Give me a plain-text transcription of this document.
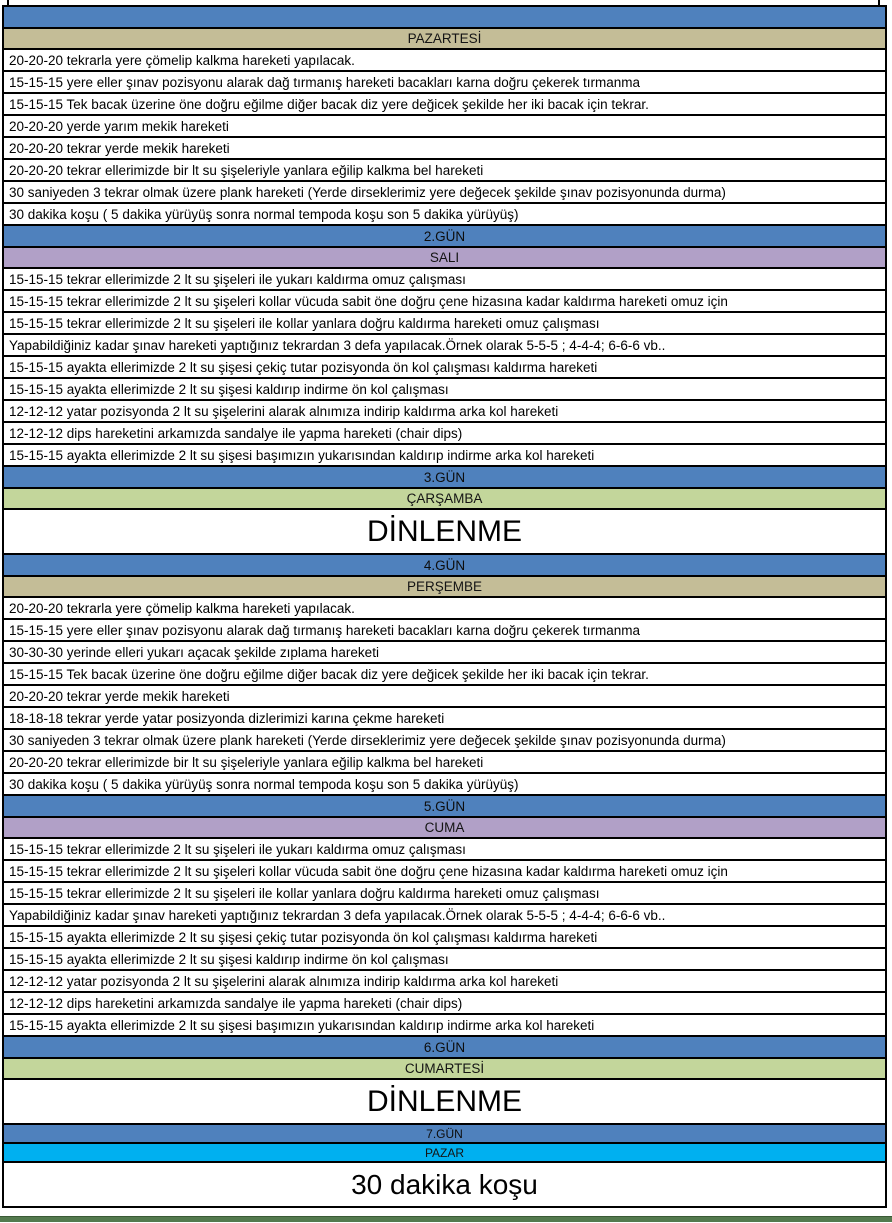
PAZARTESİ
20-20-20 tekrarla yere çömelip kalkma hareketi yapılacak.
15-15-15 yere eller şınav pozisyonu alarak dağ tırmanış hareketi bacakları karna doğru çekerek tırmanma
15-15-15 Tek bacak üzerine öne doğru eğilme diğer bacak diz yere değicek şekilde her iki bacak için tekrar.
20-20-20 yerde yarım mekik hareketi
20-20-20 tekrar yerde mekik hareketi
20-20-20 tekrar ellerimizde bir lt su şişeleriyle yanlara eğilip kalkma bel hareketi
30 saniyeden 3 tekrar olmak üzere plank hareketi (Yerde dirseklerimiz yere değecek şekilde şınav pozisyonunda durma)
30 dakika koşu ( 5 dakika yürüyüş sonra normal tempoda koşu son 5 dakika yürüyüş)
2.GÜN
SALI
15-15-15 tekrar ellerimizde 2 lt su şişeleri ile yukarı kaldırma omuz çalışması
15-15-15 tekrar ellerimizde 2 lt su şişeleri kollar vücuda sabit öne doğru çene hizasına kadar kaldırma hareketi omuz için
15-15-15 tekrar ellerimizde 2 lt su şişeleri ile kollar yanlara doğru kaldırma hareketi omuz çalışması
Yapabildiğiniz kadar şınav hareketi yaptığınız tekrardan 3 defa yapılacak.Örnek olarak 5-5-5 ; 4-4-4; 6-6-6 vb..
15-15-15 ayakta ellerimizde 2 lt su şişesi çekiç tutar pozisyonda ön kol çalışması kaldırma hareketi
15-15-15 ayakta ellerimizde 2 lt su şişesi kaldırıp indirme ön kol çalışması
12-12-12 yatar pozisyonda 2 lt su şişelerini alarak alnımıza indirip kaldırma arka kol hareketi
12-12-12 dips hareketini arkamızda sandalye ile yapma hareketi (chair dips)
15-15-15 ayakta ellerimizde 2 lt su şişesi başımızın yukarısından kaldırıp indirme arka kol hareketi
3.GÜN
ÇARŞAMBA
DİNLENME
4.GÜN
PERŞEMBE
20-20-20 tekrarla yere çömelip kalkma hareketi yapılacak.
15-15-15 yere eller şınav pozisyonu alarak dağ tırmanış hareketi bacakları karna doğru çekerek tırmanma
30-30-30 yerinde elleri yukarı açacak şekilde zıplama hareketi
15-15-15 Tek bacak üzerine öne doğru eğilme diğer bacak diz yere değicek şekilde her iki bacak için tekrar.
20-20-20 tekrar yerde mekik hareketi
18-18-18 tekrar yerde yatar posizyonda dizlerimizi karına çekme hareketi
30 saniyeden 3 tekrar olmak üzere plank hareketi (Yerde dirseklerimiz yere değecek şekilde şınav pozisyonunda durma)
20-20-20 tekrar ellerimizde bir lt su şişeleriyle yanlara eğilip kalkma bel hareketi
30 dakika koşu ( 5 dakika yürüyüş sonra normal tempoda koşu son 5 dakika yürüyüş)
5.GÜN
CUMA
15-15-15 tekrar ellerimizde 2 lt su şişeleri ile yukarı kaldırma omuz çalışması
15-15-15 tekrar ellerimizde 2 lt su şişeleri kollar vücuda sabit öne doğru çene hizasına kadar kaldırma hareketi omuz için
15-15-15 tekrar ellerimizde 2 lt su şişeleri ile kollar yanlara doğru kaldırma hareketi omuz çalışması
Yapabildiğiniz kadar şınav hareketi yaptığınız tekrardan 3 defa yapılacak.Örnek olarak 5-5-5 ; 4-4-4; 6-6-6 vb..
15-15-15 ayakta ellerimizde 2 lt su şişesi çekiç tutar pozisyonda ön kol çalışması kaldırma hareketi
15-15-15 ayakta ellerimizde 2 lt su şişesi kaldırıp indirme ön kol çalışması
12-12-12 yatar pozisyonda 2 lt su şişelerini alarak alnımıza indirip kaldırma arka kol hareketi
12-12-12 dips hareketini arkamızda sandalye ile yapma hareketi (chair dips)
15-15-15 ayakta ellerimizde 2 lt su şişesi başımızın yukarısından kaldırıp indirme arka kol hareketi
6.GÜN
CUMARTESİ
DİNLENME
7.GÜN
PAZAR
30 dakika koşu
